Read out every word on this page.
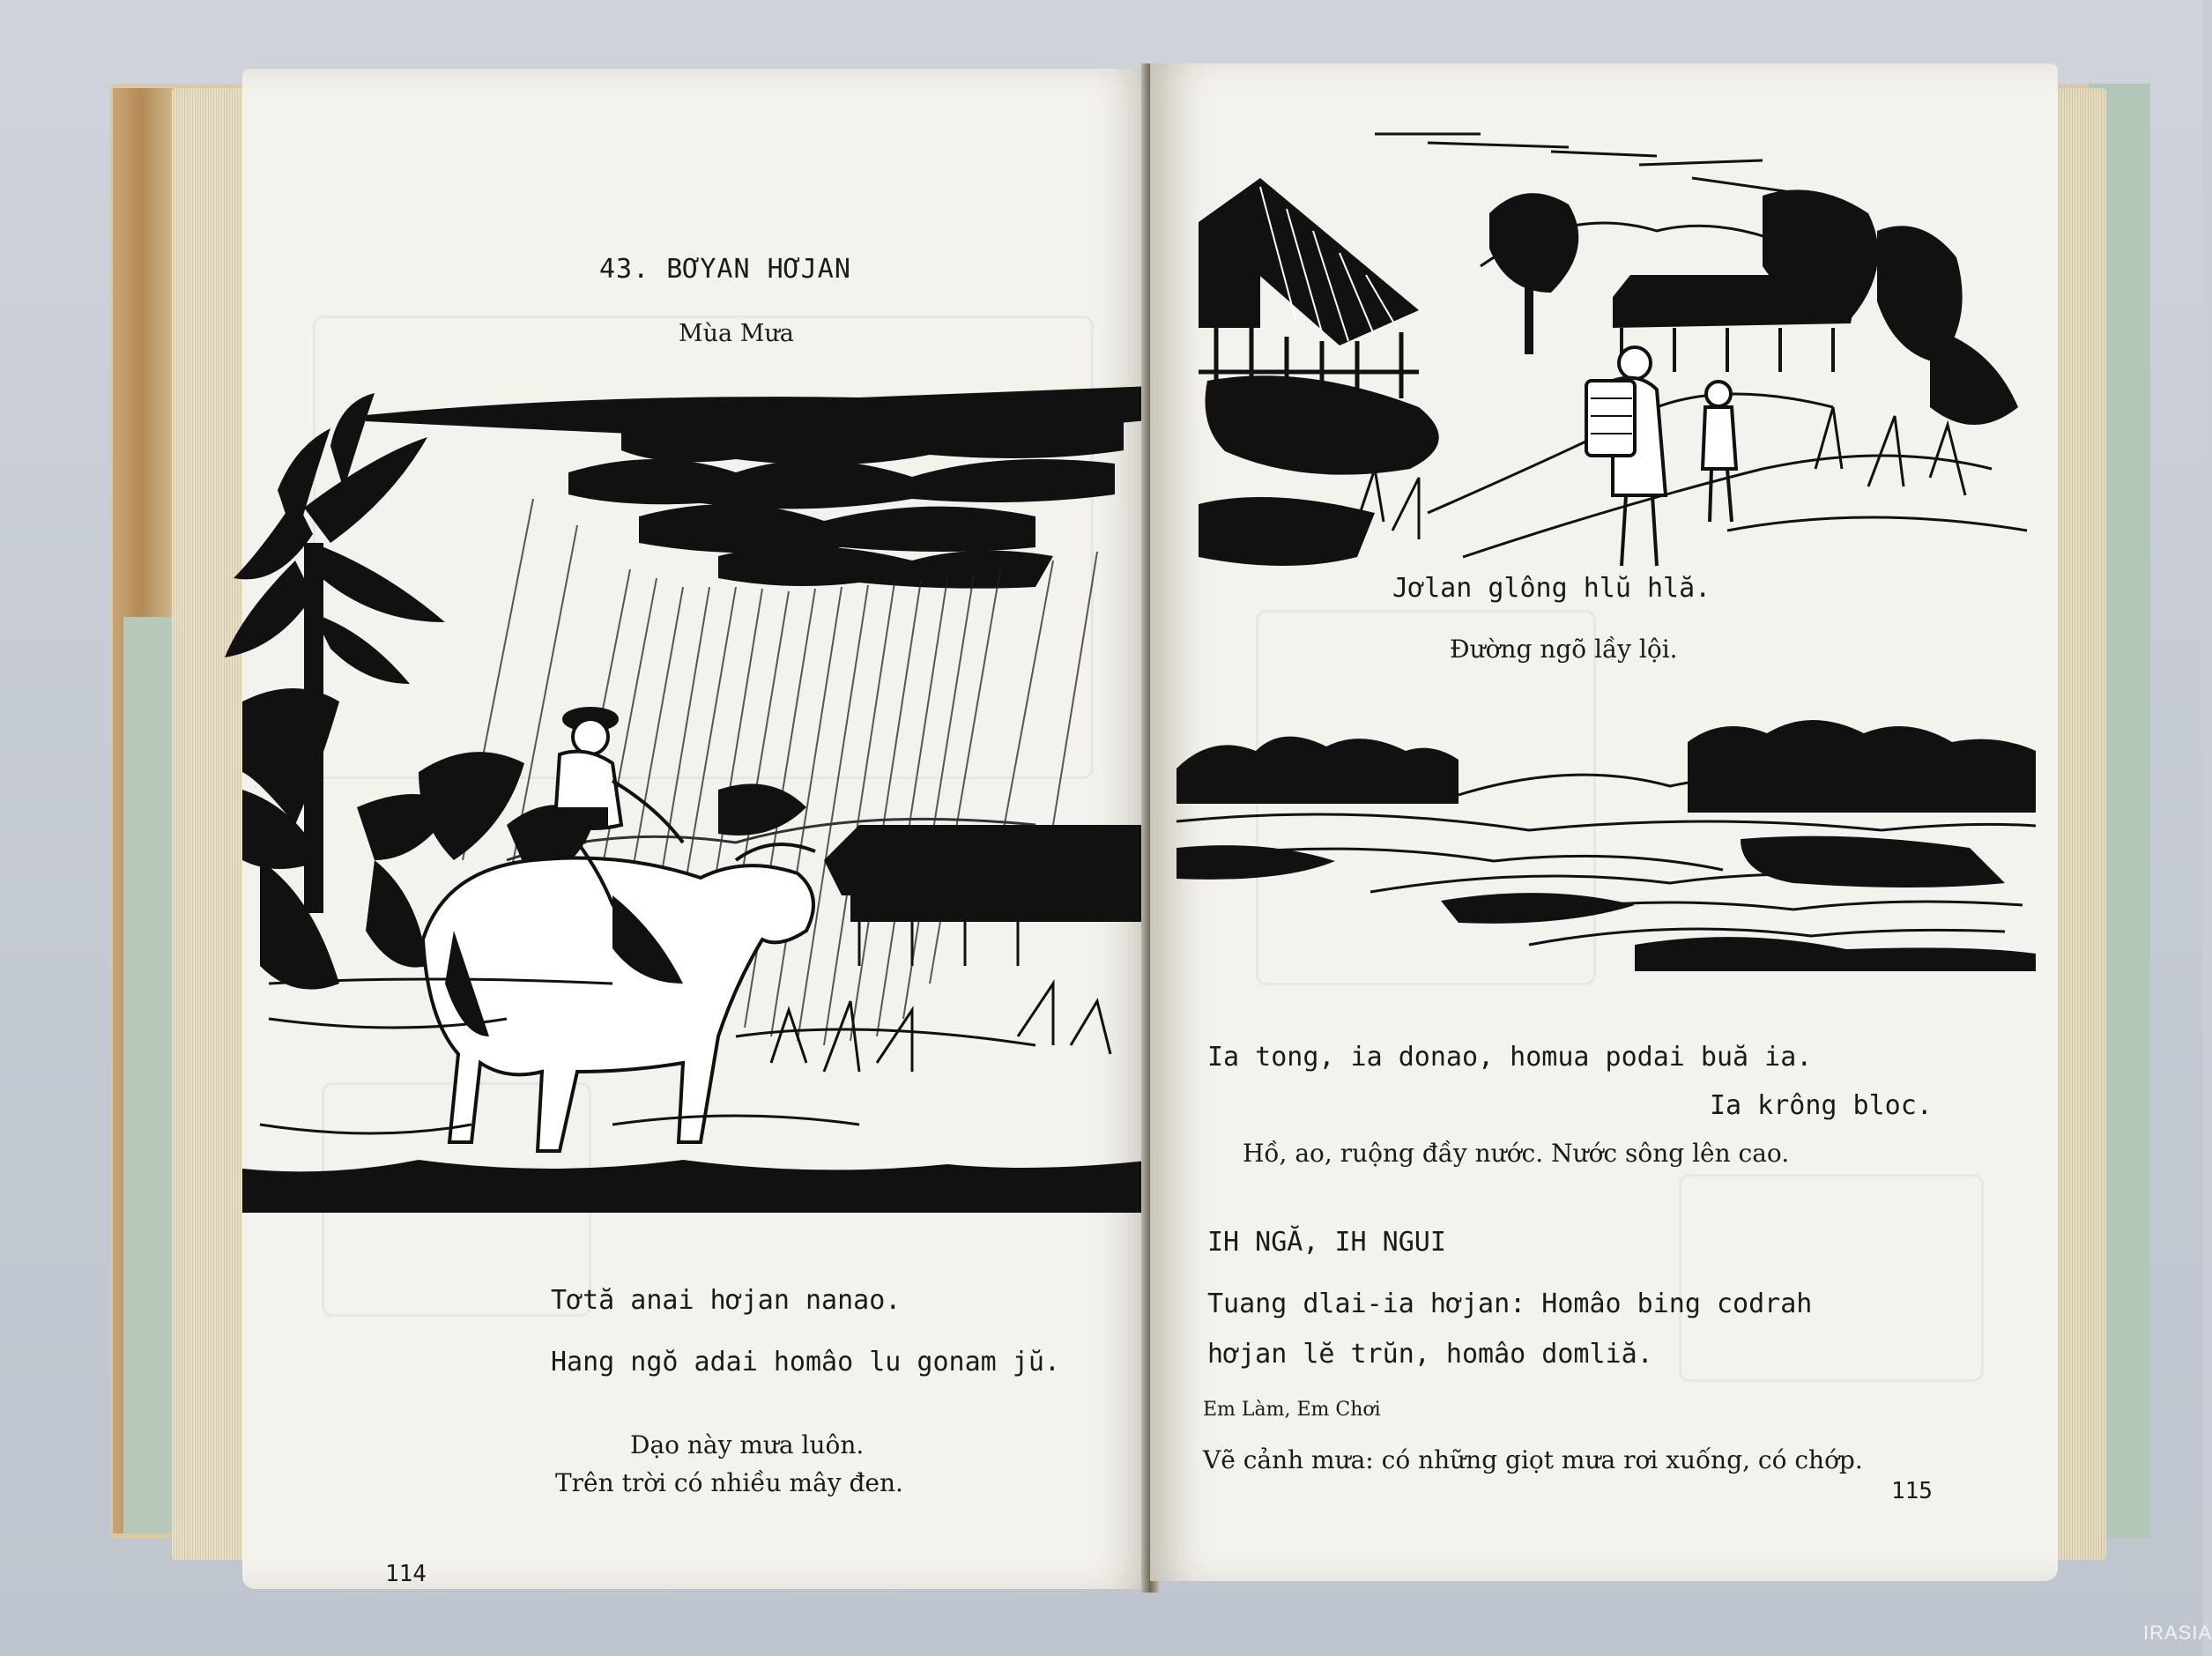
43. BƠYAN HƠJAN
Mùa Mưa
Tơtă anai hơjan nanao.
Hang ngŏ adai homâo lu gonam jŭ.
Dạo này mưa luôn.
Trên trời có nhiều mây đen.
114
Jơlan glông hlŭ hlă.
Đường ngõ lầy lội.
Ia tong, ia donao, homua podai buă ia.
Ia krông bloc.
Hồ, ao, ruộng đầy nước. Nước sông lên cao.
IH NGĂ, IH NGUI
Tuang dlai-ia hơjan: Homâo bing codrah
hơjan lĕ trŭn, homâo domliă.
Em Làm, Em Chơi
Vẽ cảnh mưa: có những giọt mưa rơi xuống, có chớp.
115
IRASIA
